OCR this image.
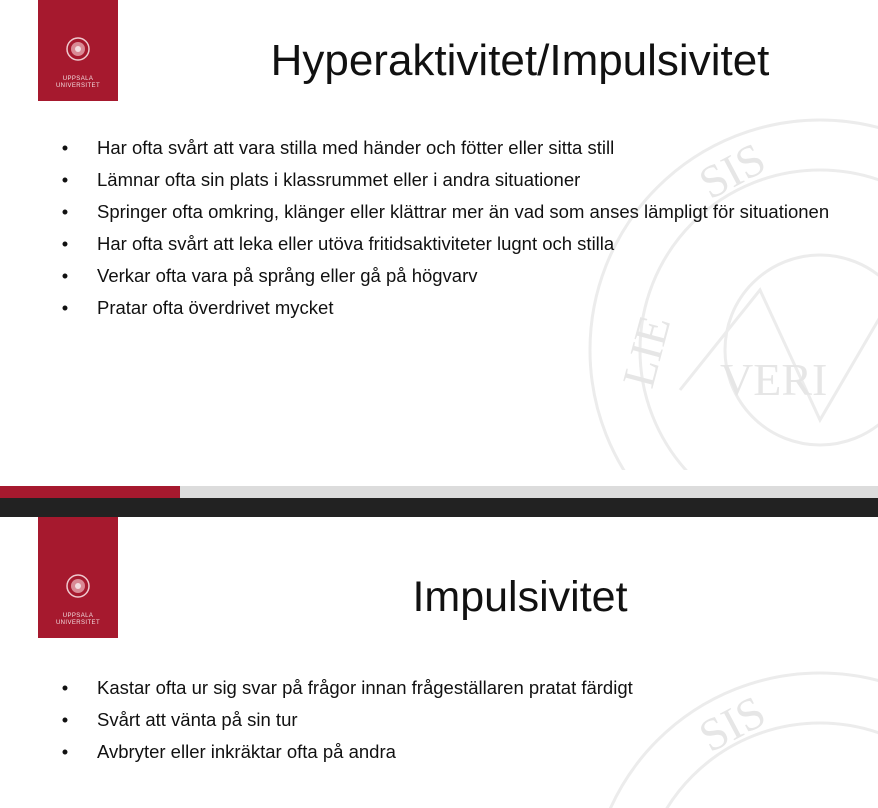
SIS
VERI
LIE
UPPSALA
UNIVERSITET
Hyperaktivitet/Impulsivitet
• Har ofta svårt att vara stilla med händer och fötter eller sitta still
• Lämnar ofta sin plats i klassrummet eller i andra situationer
• Springer ofta omkring, klänger eller klättrar mer än vad som anses lämpligt för situationen
• Har ofta svårt att leka eller utöva fritidsaktiviteter lugnt och stilla
• Verkar ofta vara på språng eller gå på högvarv
• Pratar ofta överdrivet mycket
SIS
UPPSALA
UNIVERSITET
Impulsivitet
• Kastar ofta ur sig svar på frågor innan frågeställaren pratat färdigt
• Svårt att vänta på sin tur
• Avbryter eller inkräktar ofta på andra
